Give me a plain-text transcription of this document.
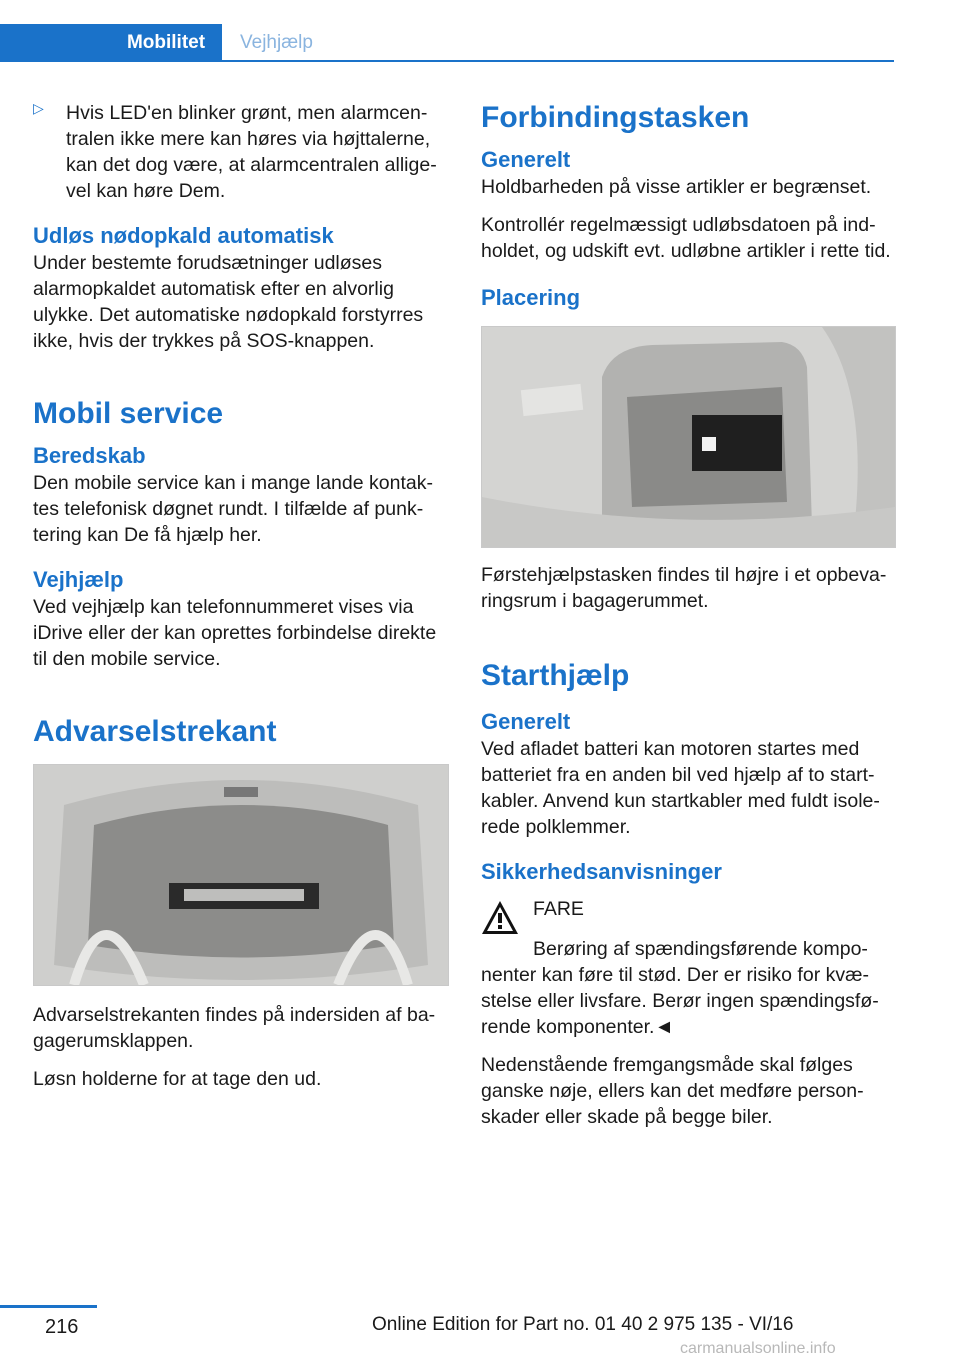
Mobilitet	Vejhjælp
▷ Hvis LED'en blinker grønt, men alarmcentralen ikke mere kan høres via højttalerne, kan det dog være, at alarmcentralen alligevel kan høre Dem.

Udløs nødopkald automatisk

Under bestemte forudsætninger udløses alarmopkaldet automatisk efter en alvorlig ulykke. Det automatiske nødopkald forstyrres ikke, hvis der trykkes på SOS-knappen.

Mobil service
Beredskab

Den mobile service kan i mange lande kontaktes telefonisk døgnet rundt. I tilfælde af punktering kan De få hjælp her.

Vejhjælp

Ved vejhjælp kan telefonnummeret vises via iDrive eller der kan oprettes forbindelse direkte til den mobile service.

Advarselstrekant

Advarselstrekanten findes på indersiden af bagagerumsklappen.

Løsn holderne for at tage den ud.

Forbindingstasken
Generelt

Holdbarheden på visse artikler er begrænset.

Kontrollér regelmæssigt udløbsdatoen på indholdet, og udskift evt. udløbne artikler i rette tid.

Placering

Førstehjælpstasken findes til højre i et opbevaringsrum i bagagerummet.

Starthjælp
Generelt

Ved afladet batteri kan motoren startes med batteriet fra en anden bil ved hjælp af to startkabler. Anvend kun startkabler med fuldt isolerede polklemmer.

Sikkerhedsanvisninger

FARE

Berøring af spændingsførende komponenter kan føre til stød. Der er risiko for kvæstelse eller livsfare. Berør ingen spændingsførende komponenter.◄

Nedenstående fremgangsmåde skal følges ganske nøje, ellers kan det medføre personskader eller skade på begge biler.

216	Online Edition for Part no. 01 40 2 975 135 - VI/16
carmanualsonline.info
